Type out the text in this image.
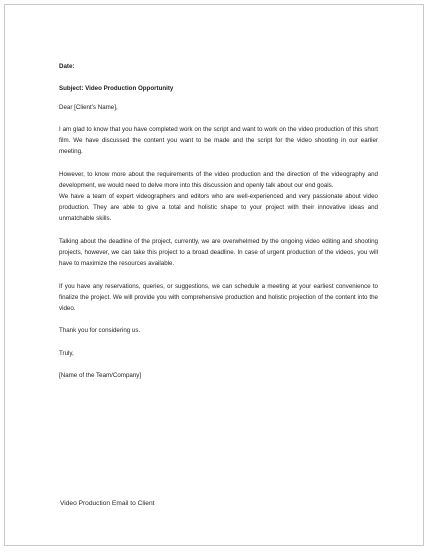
Date:

Subject: Video Production Opportunity

Dear [Client’s Name],

I am glad to know that you have completed work on the script and want to work on the video production of this short film. We have discussed the content you want to be made and the script for the video shooting in our earlier meeting.

However, to know more about the requirements of the video production and the direction of the videography and development, we would need to delve more into this discussion and openly talk about our end goals.

We have a team of expert videographers and editors who are well-experienced and very passionate about video production. They are able to give a total and holistic shape to your project with their innovative ideas and unmatchable skills.

Talking about the deadline of the project, currently, we are overwhelmed by the ongoing video editing and shooting projects, however, we can take this project to a broad deadline. In case of urgent production of the videos, you will have to maximize the resources available.

If you have any reservations, queries, or suggestions, we can schedule a meeting at your earliest convenience to finalize the project. We will provide you with comprehensive production and holistic projection of the content into the video.

Thank you for considering us.

Truly,

[Name of the Team/Company]

Video Production Email to Client
